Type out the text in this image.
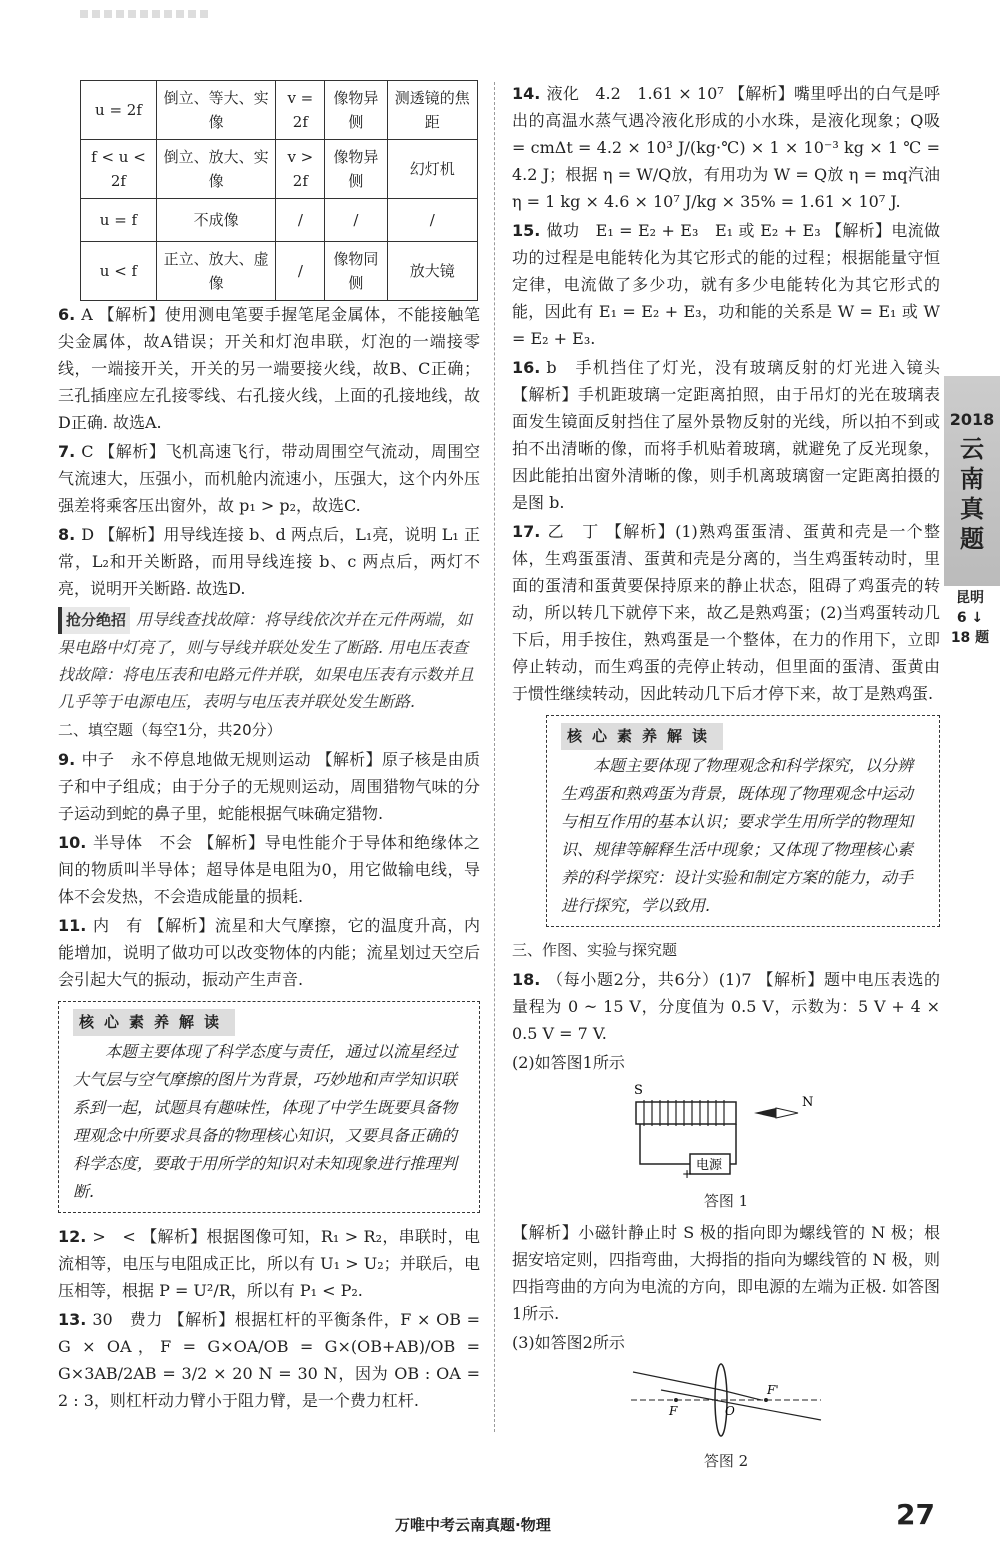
u = 2f	倒立、等大、实像	v = 2f	像物异侧	测透镜的焦距
f < u < 2f	倒立、放大、实像	v > 2f	像物异侧	幻灯机
u = f	不成像	/	/	/
u < f	正立、放大、虚像	/	像物同侧	放大镜

6. A 【解析】使用测电笔要手握笔尾金属体，不能接触笔尖金属体，故A错误；开关和灯泡串联，灯泡的一端接零线，一端接开关，开关的另一端要接火线，故B、C正确；三孔插座应左孔接零线、右孔接火线，上面的孔接地线，故D正确. 故选A.

7. C 【解析】飞机高速飞行，带动周围空气流动，周围空气流速大，压强小，而机舱内流速小，压强大，这个内外压强差将乘客压出窗外，故 p₁ > p₂，故选C.

8. D 【解析】用导线连接 b、d 两点后，L₁亮，说明 L₁ 正常，L₂和开关断路，而用导线连接 b、c 两点后，两灯不亮，说明开关断路. 故选D.

抢分绝招 用导线查找故障：将导线依次并在元件两端，如果电路中灯亮了，则与导线并联处发生了断路. 用电压表查找故障：将电压表和电路元件并联，如果电压表有示数并且几乎等于电源电压，表明与电压表并联处发生断路.

二、填空题（每空1分，共20分）

9. 中子　永不停息地做无规则运动 【解析】原子核是由质子和中子组成；由于分子的无规则运动，周围猎物气味的分子运动到蛇的鼻子里，蛇能根据气味确定猎物.

10. 半导体　不会 【解析】导电性能介于导体和绝缘体之间的物质叫半导体；超导体是电阻为0，用它做输电线，导体不会发热，不会造成能量的损耗.

11. 内　有 【解析】流星和大气摩擦，它的温度升高，内能增加，说明了做功可以改变物体的内能；流星划过天空后会引起大气的振动，振动产生声音.

核心素养解读

本题主要体现了科学态度与责任，通过以流星经过大气层与空气摩擦的图片为背景，巧妙地和声学知识联系到一起，试题具有趣味性，体现了中学生既要具备物理观念中所要求具备的物理核心知识，又要具备正确的科学态度，要敢于用所学的知识对未知现象进行推理判断.

12. >　< 【解析】根据图像可知，R₁ > R₂，串联时，电流相等，电压与电阻成正比，所以有 U₁ > U₂；并联后，电压相等，根据 P = U²/R，所以有 P₁ < P₂.

13. 30　费力 【解析】根据杠杆的平衡条件，F × OB = G × OA，F = G×OA/OB = G×(OB+AB)/OB = G×3AB/2AB = 3/2 × 20 N = 30 N，因为 OB : OA = 2 : 3，则杠杆动力臂小于阻力臂，是一个费力杠杆.

14. 液化　4.2　1.61 × 10⁷ 【解析】嘴里呼出的白气是呼出的高温水蒸气遇冷液化形成的小水珠，是液化现象；Q吸 = cmΔt = 4.2 × 10³ J/(kg·℃) × 1 × 10⁻³ kg × 1 ℃ = 4.2 J；根据 η = W/Q放，有用功为 W = Q放 η = mq汽油 η = 1 kg × 4.6 × 10⁷ J/kg × 35% = 1.61 × 10⁷ J.

15. 做功　E₁ = E₂ + E₃　E₁ 或 E₂ + E₃ 【解析】电流做功的过程是电能转化为其它形式的能的过程；根据能量守恒定律，电流做了多少功，就有多少电能转化为其它形式的能，因此有 E₁ = E₂ + E₃，功和能的关系是 W = E₁ 或 W = E₂ + E₃.

16. b　手机挡住了灯光，没有玻璃反射的灯光进入镜头 【解析】手机距玻璃一定距离拍照，由于吊灯的光在玻璃表面发生镜面反射挡住了屋外景物反射的光线，所以拍不到或拍不出清晰的像，而将手机贴着玻璃，就避免了反光现象，因此能拍出窗外清晰的像，则手机离玻璃窗一定距离拍摄的是图 b.

17. 乙　丁 【解析】(1)熟鸡蛋蛋清、蛋黄和壳是一个整体，生鸡蛋蛋清、蛋黄和壳是分离的，当生鸡蛋转动时，里面的蛋清和蛋黄要保持原来的静止状态，阻碍了鸡蛋壳的转动，所以转几下就停下来，故乙是熟鸡蛋；(2)当鸡蛋转动几下后，用手按住，熟鸡蛋是一个整体，在力的作用下，立即停止转动，而生鸡蛋的壳停止转动，但里面的蛋清、蛋黄由于惯性继续转动，因此转动几下后才停下来，故丁是熟鸡蛋.

核心素养解读

本题主要体现了物理观念和科学探究，以分辨生鸡蛋和熟鸡蛋为背景，既体现了物理观念中运动与相互作用的基本认识；要求学生用所学的物理知识、规律等解释生活中现象；又体现了物理核心素养的科学探究：设计实验和制定方案的能力，动手进行探究，学以致用.

三、作图、实验与探究题

18. （每小题2分，共6分）(1)7 【解析】题中电压表选的量程为 0 ~ 15 V，分度值为 0.5 V，示数为：5 V + 4 × 0.5 V = 7 V.

(2)如答图1所示

S
N
电源
+
答图 1

【解析】小磁针静止时 S 极的指向即为螺线管的 N 极；根据安培定则，四指弯曲，大拇指的指向为螺线管的 N 极，则四指弯曲的方向为电流的方向，即电源的左端为正极. 如答图1所示.

(3)如答图2所示

F	O
F'
答图 2
2018
云南真题
昆明 6 ↓ 18 题
万唯中考云南真题·物理	27
